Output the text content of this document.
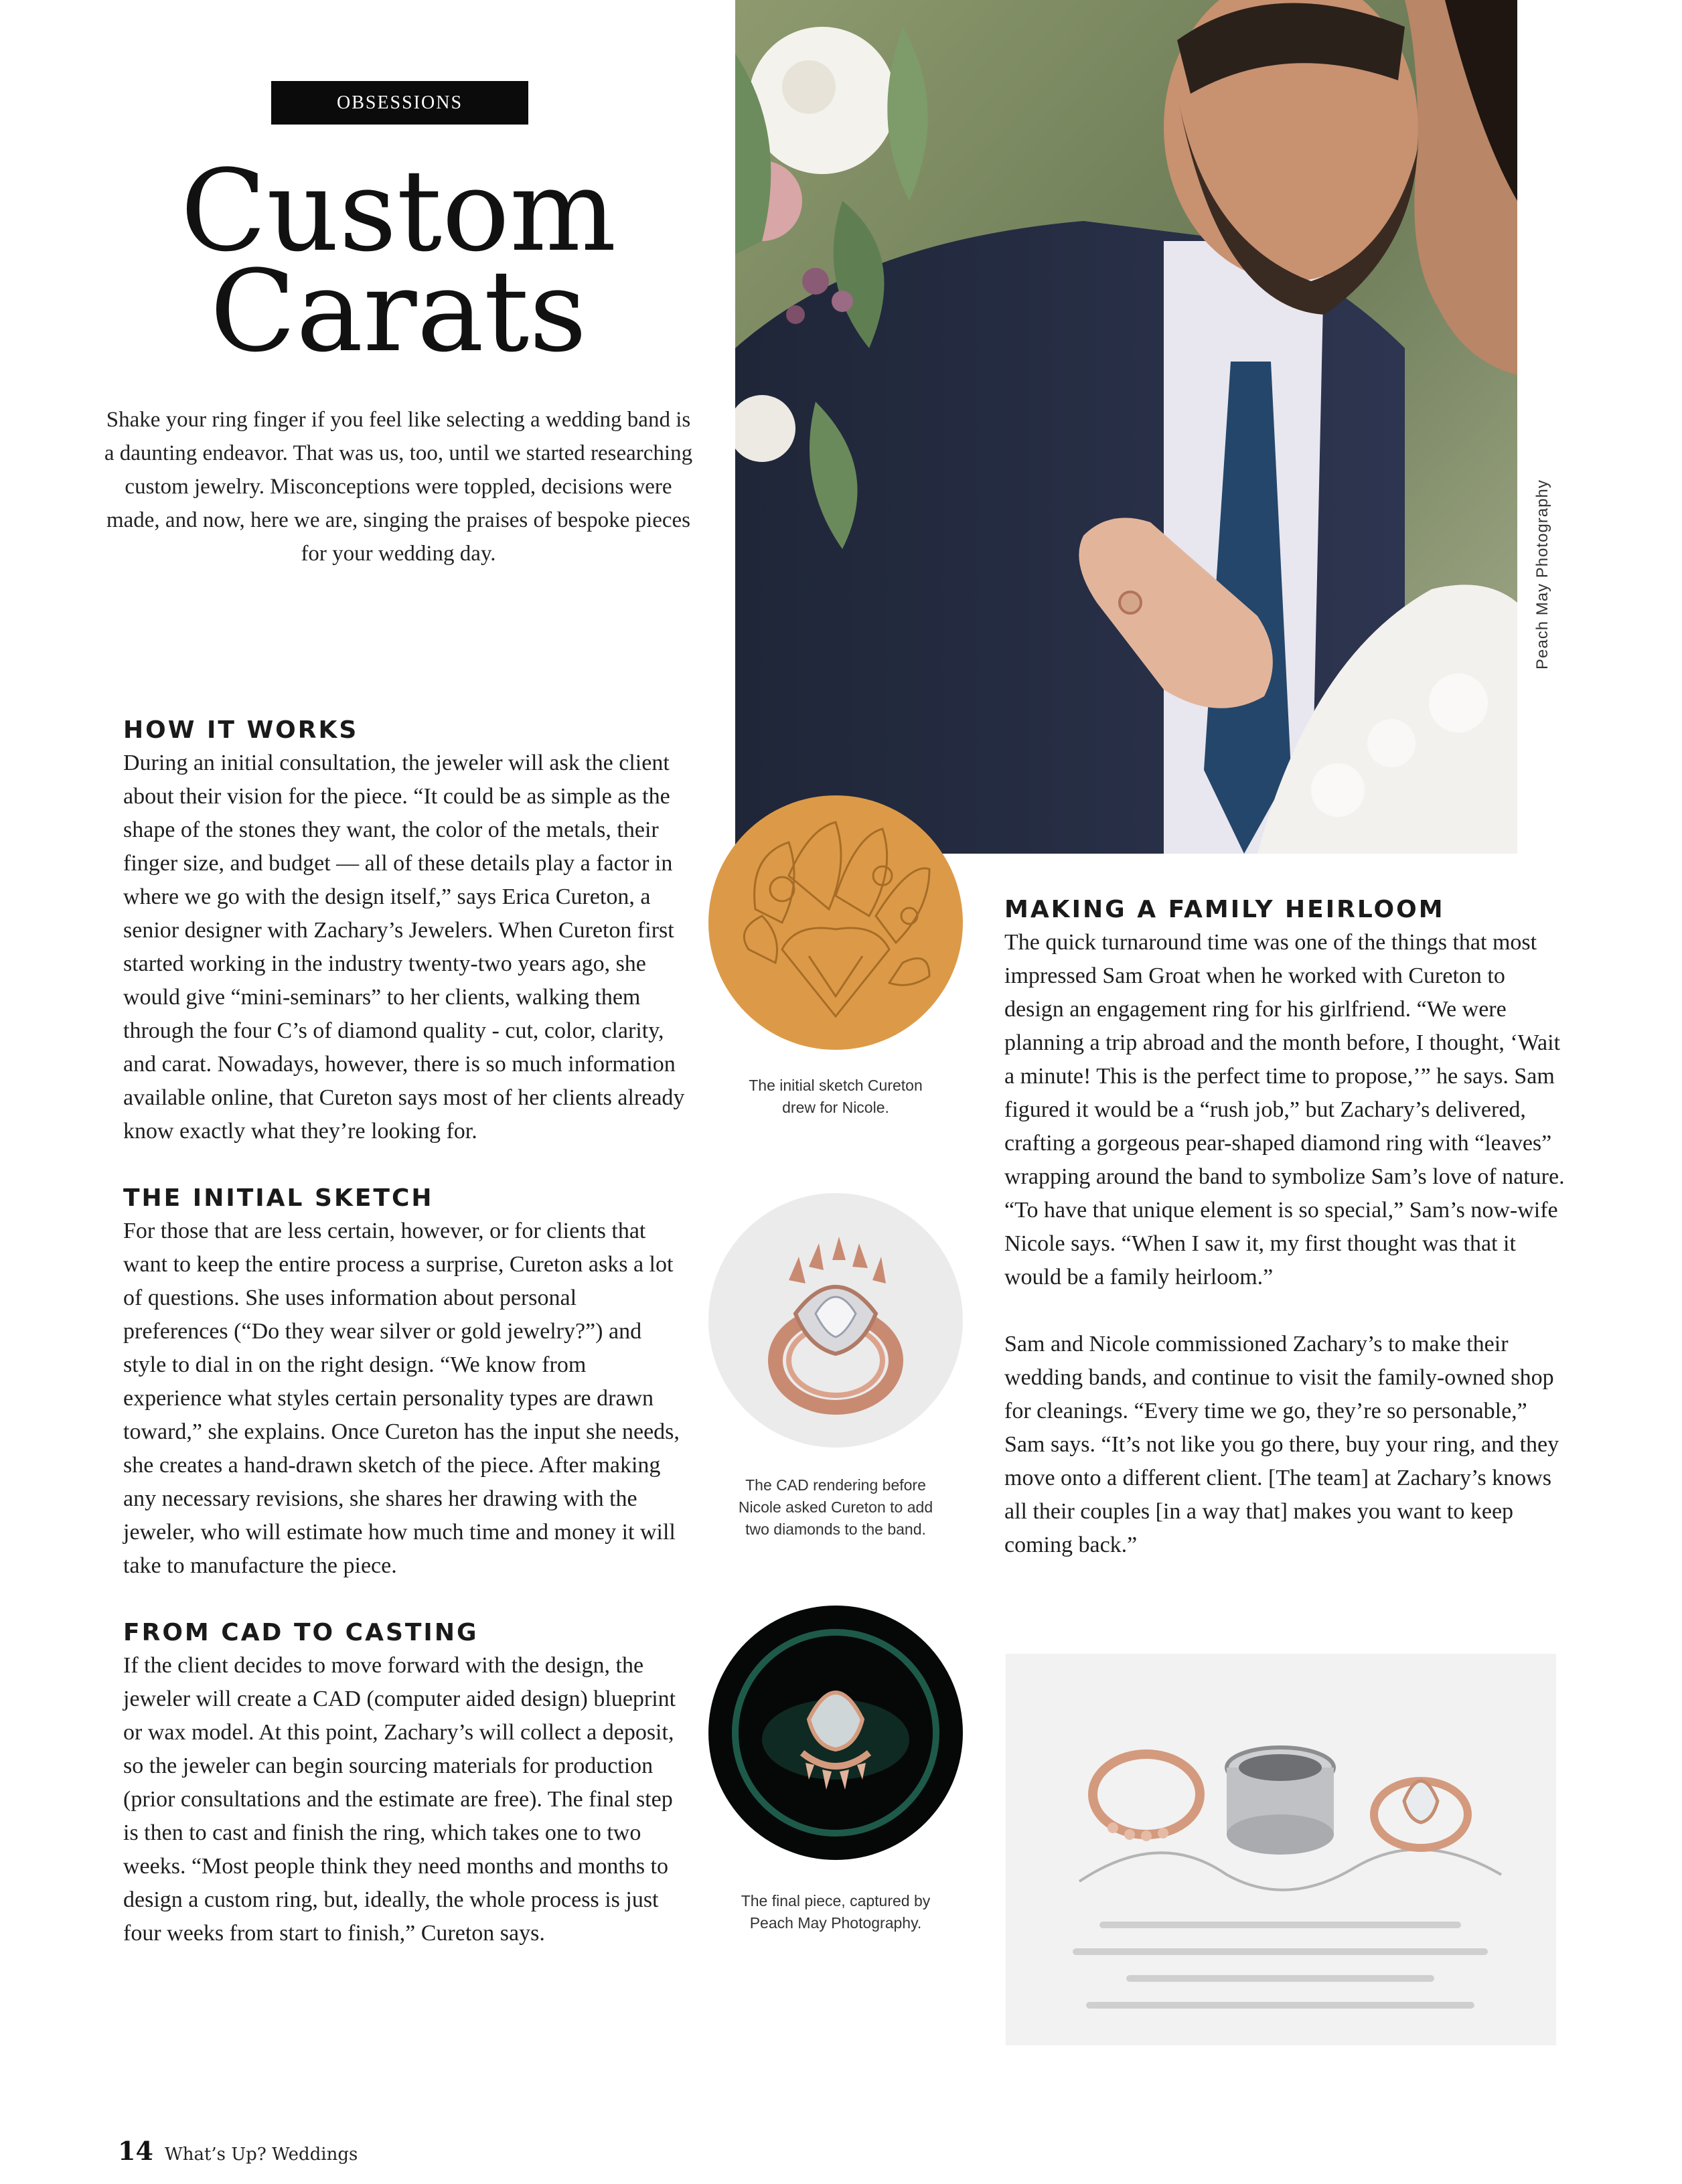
OBSESSIONS
Custom
Carats

Shake your ring finger if you feel like selecting a wedding band is a daunting endeavor. That was us, too, until we started researching custom jewelry. Misconceptions were toppled, decisions were made, and now, here we are, singing the praises of bespoke pieces for your wedding day.

HOW IT WORKS

During an initial consultation, the jeweler will ask the client about their vision for the piece. “It could be as simple as the shape of the stones they want, the color of the metals, their finger size, and budget — all of these details play a factor in where we go with the design itself,” says Erica Cureton, a senior designer with Zachary’s Jewelers. When Cureton first started working in the industry twenty-two years ago, she would give “mini-seminars” to her clients, walking them through the four C’s of diamond quality - cut, color, clarity, and carat. Nowadays, however, there is so much information available online, that Cureton says most of her clients already know exactly what they’re looking for.

THE INITIAL SKETCH

For those that are less certain, however, or for clients that want to keep the entire process a surprise, Cureton asks a lot of questions. She uses information about personal preferences (“Do they wear silver or gold jewelry?”) and style to dial in on the right design. “We know from experience what styles certain personality types are drawn toward,” she explains. Once Cureton has the input she needs, she creates a hand-drawn sketch of the piece. After making any necessary revisions, she shares her drawing with the jeweler, who will estimate how much time and money it will take to manufacture the piece.

FROM CAD TO CASTING

If the client decides to move forward with the design, the jeweler will create a CAD (computer aided design) blueprint or wax model. At this point, Zachary’s will collect a deposit, so the jeweler can begin sourcing materials for production (prior consultations and the estimate are free). The final step is then to cast and finish the ring, which takes one to two weeks. “Most people think they need months and months to design a custom ring, but, ideally, the whole process is just four weeks from start to finish,” Cureton says.

Peach May Photography
The initial sketch Cureton drew for Nicole.
The CAD rendering before Nicole asked Cureton to add two diamonds to the band.
The final piece, captured by Peach May Photography.
MAKING A FAMILY HEIRLOOM

The quick turnaround time was one of the things that most impressed Sam Groat when he worked with Cureton to design an engagement ring for his girlfriend. “We were planning a trip abroad and the month before, I thought, ‘Wait a minute! This is the perfect time to propose,’” he says. Sam figured it would be a “rush job,” but Zachary’s delivered, crafting a gorgeous pear-shaped diamond ring with “leaves” wrapping around the band to symbolize Sam’s love of nature. “To have that unique element is so special,” Sam’s now-wife Nicole says. “When I saw it, my first thought was that it would be a family heirloom.”

Sam and Nicole commissioned Zachary’s to make their wedding bands, and continue to visit the family-owned shop for cleanings. “Every time we go, they’re so personable,” Sam says. “It’s not like you go there, buy your ring, and they move onto a different client. [The team] at Zachary’s knows all their couples [in a way that] makes you want to keep coming back.”

14 What’s Up? Weddings
